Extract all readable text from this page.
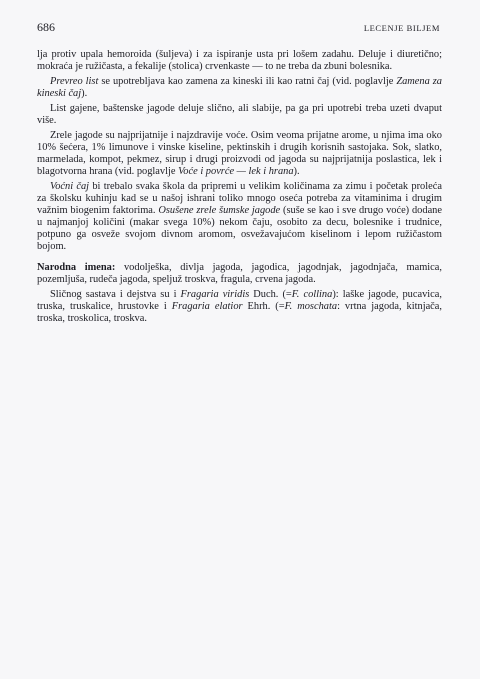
686	LECENJE BILJEM

lja protiv upala hemoroida (šuljeva) i za ispiranje usta pri lošem zadahu. Deluje i diuretično; mokraća je ružičasta, a fekalije (stolica) crvenkaste — to ne treba da zbuni bolesnika.

Prevreo list se upotrebljava kao zamena za kineski ili kao ratni čaj (vid. poglavlje Zamena za kineski čaj).

List gajene, baštenske jagode deluje slično, ali slabije, pa ga pri upotrebi treba uzeti dvaput više.

Zrele jagode su najprijatnije i najzdravije voće. Osim veoma prijatne arome, u njima ima oko 10% šećera, 1% limunove i vinske kiseline, pektinskih i drugih korisnih sastojaka. Sok, slatko, marmelada, kompot, pekmez, sirup i drugi proizvodi od jagoda su najprijatnija poslastica, lek i blagotvorna hrana (vid. poglavlje Voće i povrće — lek i hrana).

Voćni čaj bi trebalo svaka škola da pripremi u velikim količinama za zimu i početak proleća za školsku kuhinju kad se u našoj ishrani toliko mnogo oseća potreba za vitaminima i drugim važnim biogenim faktorima. Osušene zrele šumske jagode (suše se kao i sve drugo voće) dodane u najmanjoj količini (makar svega 10%) nekom čaju, osobito za decu, bolesnike i trudnice, potpuno ga osveže svojom divnom aromom, osvežavajućom kiselinom i lepom ružičastom bojom.

Narodna imena: vodolješka, divlja jagoda, jagodica, jagodnjak, jagodnjača, mamica, pozemljuša, rudeča jagoda, spelјuž troskva, fragula, crvena jagoda.

Sličnog sastava i dejstva su i Fragaria viridis Duch. (=F. collina): laške jagode, pucavica, truska, truskalice, hrustovke i Fragaria elatior Ehrh. (=F. moschata: vrtna jagoda, kitnjača, troska, troskolica, troskva.
